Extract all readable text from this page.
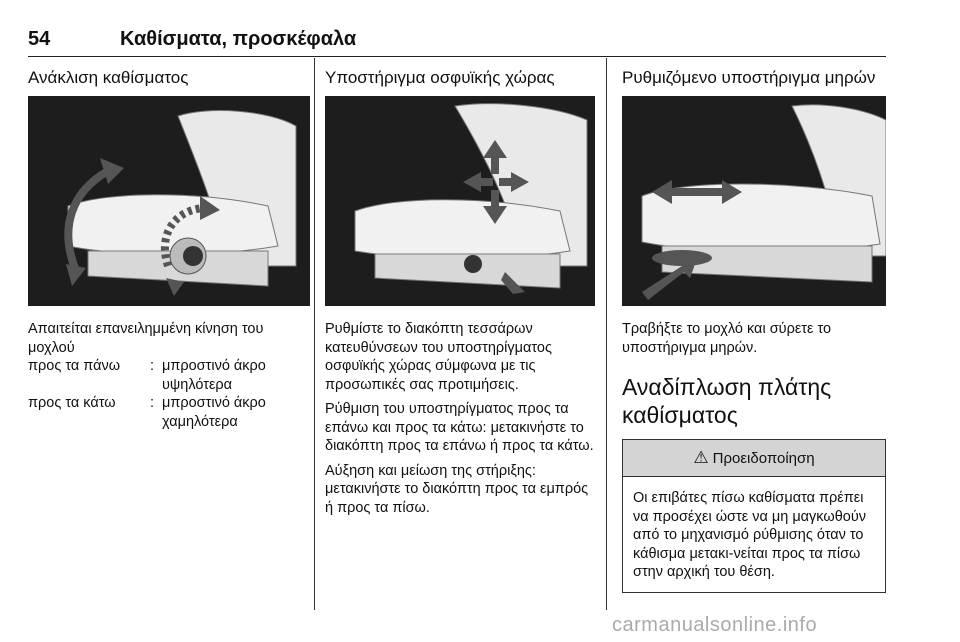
54	Καθίσματα, προσκέφαλα
Ανάκλιση καθίσματος

Απαιτείται επανειλημμένη κίνηση του μοχλού

προς τα πάνω	: μπροστινό άκρο υψηλότερα
προς τα κάτω	: μπροστινό άκρο χαμηλότερα
Υποστήριγμα οσφυϊκής χώρας

Ρυθμίστε το διακόπτη τεσσάρων κατευθύνσεων του υποστηρίγματος οσφυϊκής χώρας σύμφωνα με τις προσωπικές σας προτιμήσεις.

Ρύθμιση του υποστηρίγματος προς τα επάνω και προς τα κάτω: μετακινήστε το διακόπτη προς τα επάνω ή προς τα κάτω.

Αύξηση και μείωση της στήριξης: μετακινήστε το διακόπτη προς τα εμπρός ή προς τα πίσω.

Ρυθμιζόμενο υποστήριγμα μηρών

Τραβήξτε το μοχλό και σύρετε το υποστήριγμα μηρών.

Αναδίπλωση πλάτης καθίσματος
⚠ Προειδοποίηση
Οι επιβάτες πίσω καθίσματα πρέπει να προσέχει ώστε να μη μαγκωθούν από το μηχανισμό ρύθμισης όταν το κάθισμα μετακι-νείται προς τα πίσω στην αρχική του θέση.
carmanualsonline.info
